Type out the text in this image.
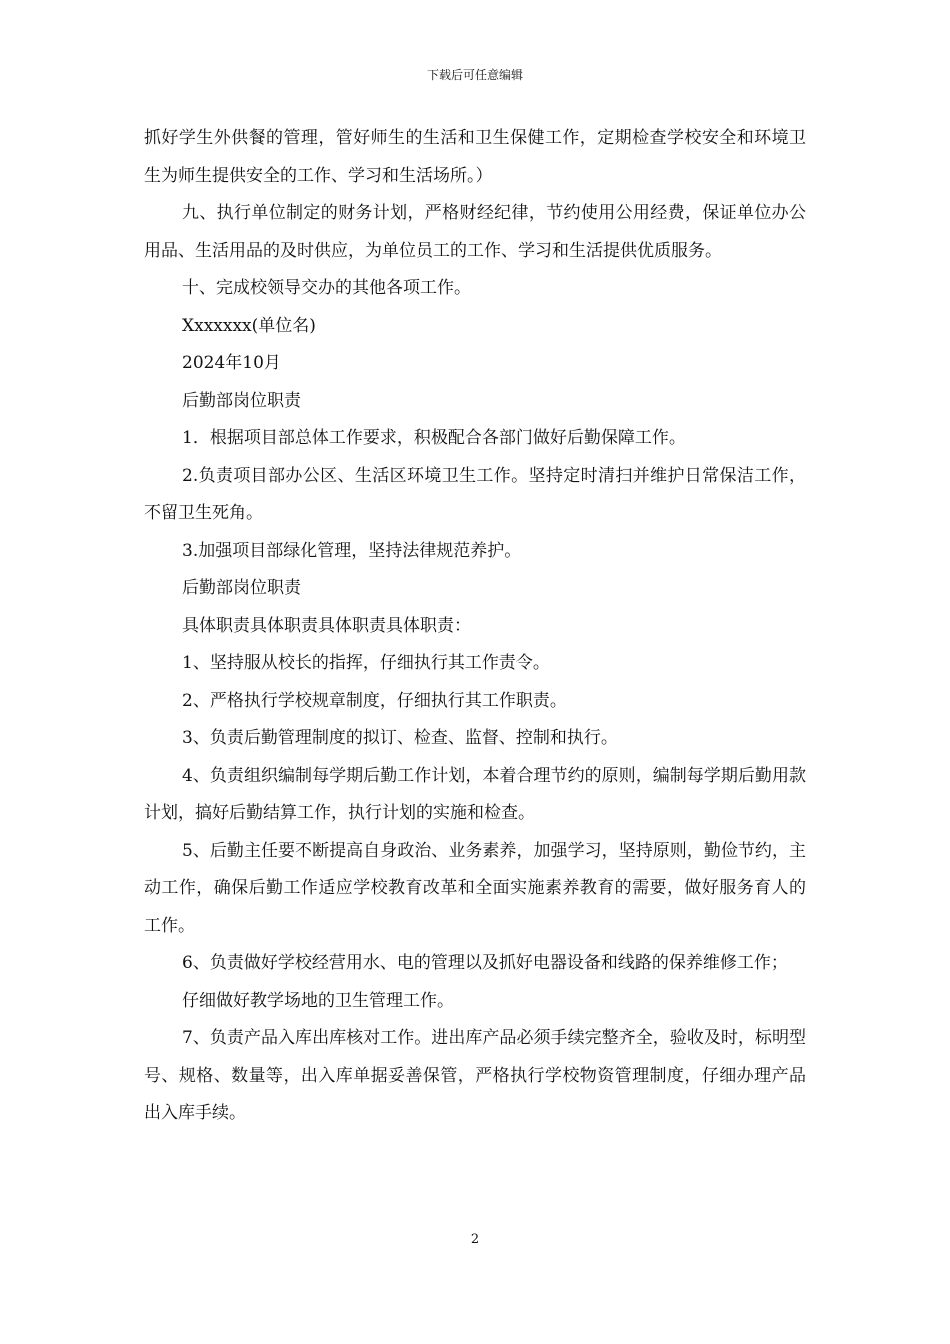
下载后可任意编辑

抓好学生外供餐的管理，管好师生的生活和卫生保健工作，定期检查学校安全和环境卫生为师生提供安全的工作、学习和生活场所。）

九、执行单位制定的财务计划，严格财经纪律，节约使用公用经费，保证单位办公用品、生活用品的及时供应，为单位员工的工作、学习和生活提供优质服务。

十、完成校领导交办的其他各项工作。

Xxxxxxx(单位名)

2024年10月

后勤部岗位职责

1．根据项目部总体工作要求，积极配合各部门做好后勤保障工作。

2.负责项目部办公区、生活区环境卫生工作。坚持定时清扫并维护日常保洁工作，不留卫生死角。

3.加强项目部绿化管理，坚持法律规范养护。

后勤部岗位职责

具体职责具体职责具体职责具体职责：

1、坚持服从校长的指挥，仔细执行其工作责令。

2、严格执行学校规章制度，仔细执行其工作职责。

3、负责后勤管理制度的拟订、检查、监督、控制和执行。

4、负责组织编制每学期后勤工作计划，本着合理节约的原则，编制每学期后勤用款计划，搞好后勤结算工作，执行计划的实施和检查。

5、后勤主任要不断提高自身政治、业务素养，加强学习，坚持原则，勤俭节约，主动工作，确保后勤工作适应学校教育改革和全面实施素养教育的需要，做好服务育人的工作。

6、负责做好学校经营用水、电的管理以及抓好电器设备和线路的保养维修工作；

仔细做好教学场地的卫生管理工作。

7、负责产品入库出库核对工作。进出库产品必须手续完整齐全，验收及时，标明型号、规格、数量等，出入库单据妥善保管，严格执行学校物资管理制度，仔细办理产品出入库手续。

2
